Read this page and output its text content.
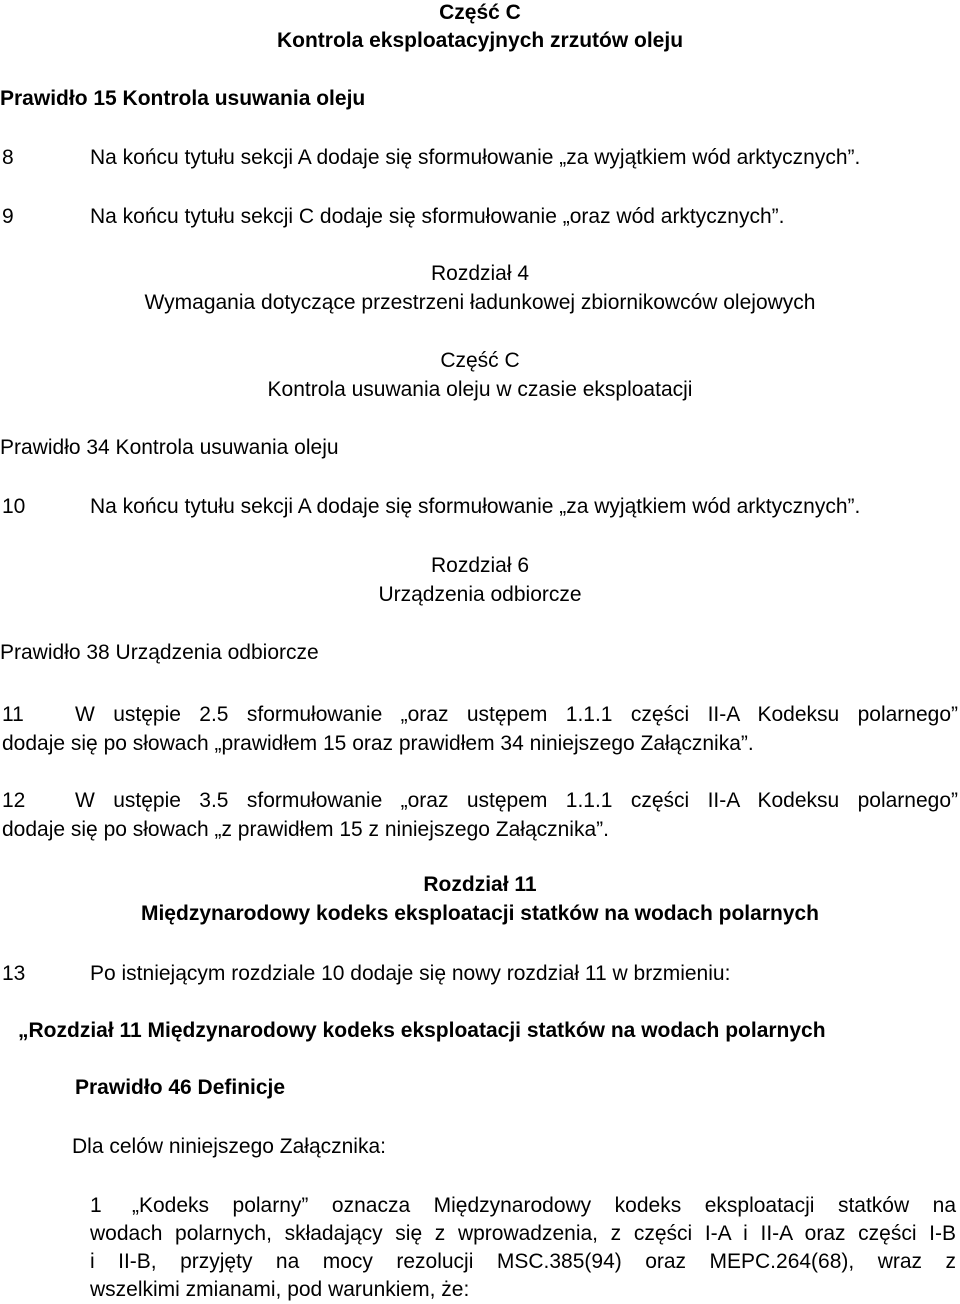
Część C
Kontrola eksploatacyjnych zrzutów oleju
Prawidło 15 Kontrola usuwania oleju
8	Na końcu tytułu sekcji A dodaje się sformułowanie „za wyjątkiem wód arktycznych”.
9	Na końcu tytułu sekcji C dodaje się sformułowanie „oraz wód arktycznych”.
Rozdział 4
Wymagania dotyczące przestrzeni ładunkowej zbiornikowców olejowych
Część C
Kontrola usuwania oleju w czasie eksploatacji
Prawidło 34 Kontrola usuwania oleju
10	Na końcu tytułu sekcji A dodaje się sformułowanie „za wyjątkiem wód arktycznych”.
Rozdział 6
Urządzenia odbiorcze
Prawidło 38 Urządzenia odbiorcze
11 W ustępie 2.5 sformułowanie „oraz ustępem 1.1.1 części II-A Kodeksu polarnego”
dodaje się po słowach „prawidłem 15 oraz prawidłem 34 niniejszego Załącznika”.
12 W ustępie 3.5 sformułowanie „oraz ustępem 1.1.1 części II-A Kodeksu polarnego”
dodaje się po słowach „z prawidłem 15 z niniejszego Załącznika”.
Rozdział 11
Międzynarodowy kodeks eksploatacji statków na wodach polarnych
13	Po istniejącym rozdziale 10 dodaje się nowy rozdział 11 w brzmieniu:
„Rozdział 11 Międzynarodowy kodeks eksploatacji statków na wodach polarnych
Prawidło 46 Definicje
Dla celów niniejszego Załącznika:
1 „Kodeks polarny” oznacza Międzynarodowy kodeks eksploatacji statków na
wodach polarnych, składający się z wprowadzenia, z części I-A i II-A oraz części I-B
i II-B, przyjęty na mocy rezolucji MSC.385(94) oraz MEPC.264(68), wraz z
wszelkimi zmianami, pod warunkiem, że:
